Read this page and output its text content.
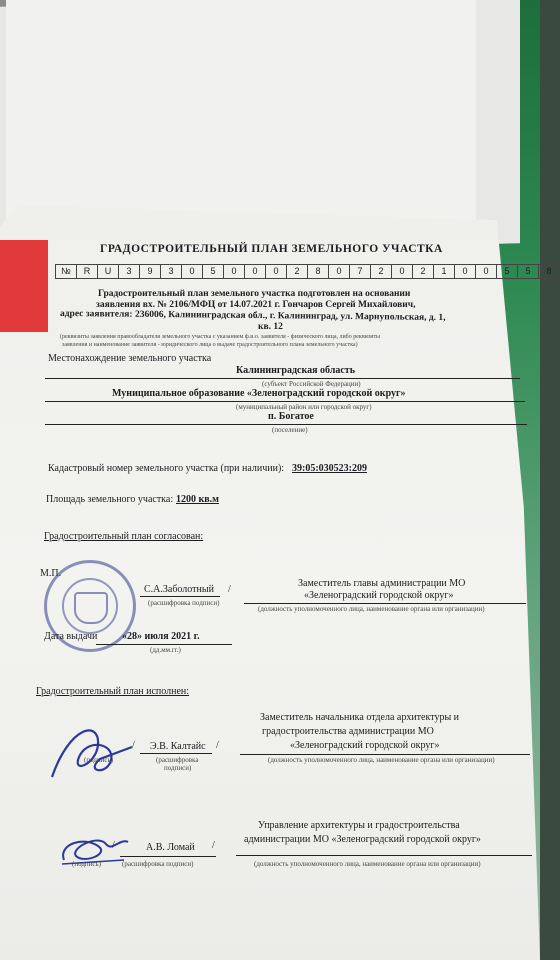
ГРАДОСТРОИТЕЛЬНЫЙ ПЛАН ЗЕМЕЛЬНОГО УЧАСТКА
№	R	U	3	9	3	0	5	0	0	0	2	8	0	7	2	0	2	1	0	0	5	5	8
Градостроительный план земельного участка подготовлен на основании
заявления вх. № 2106/МФЦ от 14.07.2021 г. Гончаров Сергей Михайлович,
адрес заявителя: 236006, Калининградская обл., г. Калининград, ул. Марнупольская, д. 1,
кв. 12
(реквизиты заявления правообладателя земельного участка с указанием ф.и.о. заявителя - физического лица, либо реквизиты
заявления и наименование заявителя - юридического лица о выдаче градостроительного плана земельного участка)
Местонахождение земельного участка
Калининградская область
(субъект Российской Федерации)
Муниципальное образование «Зеленоградский городской округ»
(муниципальный район или городской округ)
п. Богатое
(поселение)
Кадастровый номер земельного участка (при наличии): 39:05:030523:209
Площадь земельного участка: 1200 кв.м
Градостроительный план согласован:
М.П.
С.А.Заболотный /
(расшифровка подписи)
Заместитель главы администрации МО
«Зеленоградский городской округ»
(должность уполномоченного лица, наименование органа или организации)
Дата выдачи «28» июля 2021 г.
(дд.мм.гг.)
Градостроительный план исполнен:
/ Э.В. Калтайс /
(подпись)	(расшифровка
подписи)
Заместитель начальника отдела архитектуры и
градостроительства администрации МО
«Зеленоградский городской округ»
(должность уполномоченного лица, наименование органа или организации)
/	А.В. Ломай /
(подпись)	(расшифровка подписи)
Управление архитектуры и градостроительства
администрации МО «Зеленоградский городской округ»
(должность уполномоченного лица, наименование органа или организации)
